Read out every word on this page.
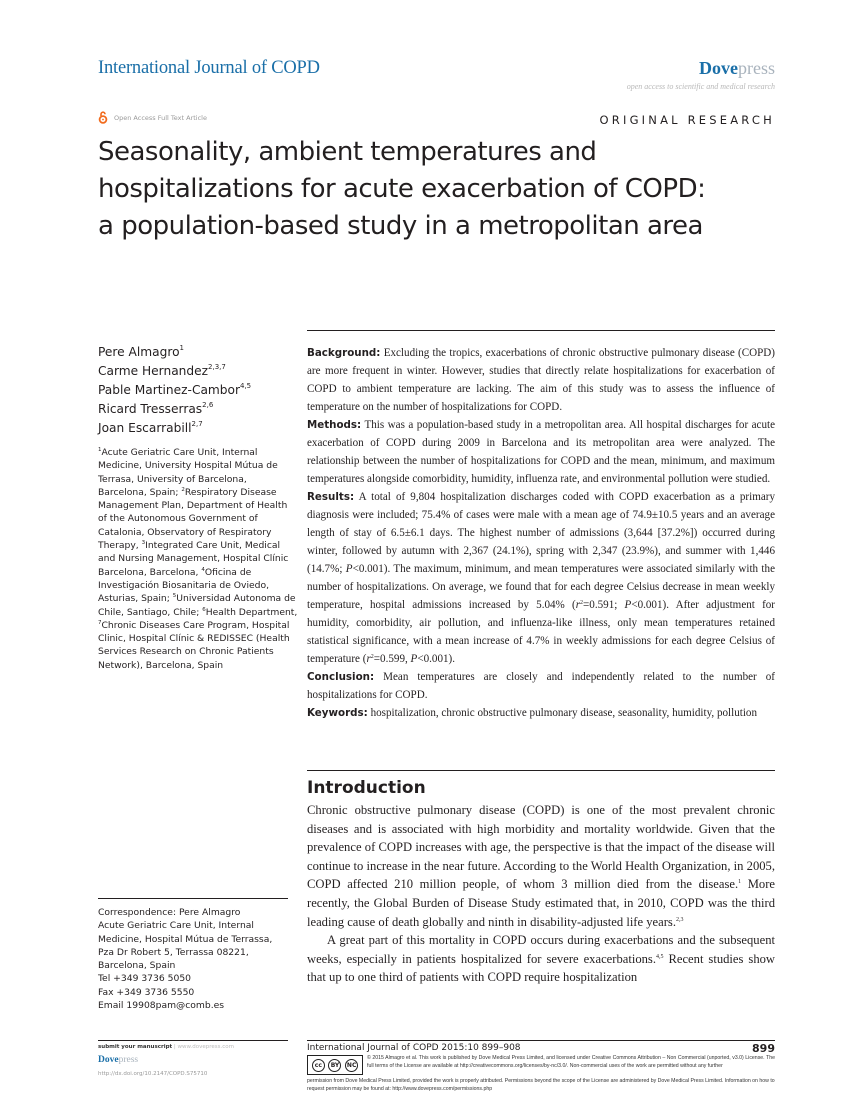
International Journal of COPD	Dovepress
open access to scientific and medical research
Open Access Full Text Article	ORIGINAL RESEARCH
Seasonality, ambient temperatures and
hospitalizations for acute exacerbation of COPD:
a population-based study in a metropolitan area
Pere Almagro$^1$
Carme Hernandez$^{2,3,7}$
Pable Martinez-Cambor$^{4,5}$
Ricard Tresserras$^{2,6}$
Joan Escarrabill$^{2,7}$
$^1$Acute Geriatric Care Unit, Internal Medicine, University Hospital Mútua de Terrasa, University of Barcelona, Barcelona, Spain; $^2$Respiratory Disease Management Plan, Department of Health of the Autonomous Government of Catalonia, Observatory of Respiratory Therapy, $^3$Integrated Care Unit, Medical and Nursing Management, Hospital Clínic Barcelona, Barcelona, $^4$Oficina de Investigación Biosanitaria de Oviedo, Asturias, Spain; $^5$Universidad Autonoma de Chile, Santiago, Chile; $^6$Health Department, $^7$Chronic Diseases Care Program, Hospital Clinic, Hospital Clínic & REDISSEC (Health Services Research on Chronic Patients Network), Barcelona, Spain
Correspondence: Pere Almagro
Acute Geriatric Care Unit, Internal
Medicine, Hospital Mútua de Terrassa,
Pza Dr Robert 5, Terrassa 08221,
Barcelona, Spain
Tel +349 3736 5050
Fax +349 3736 5550
Email 19908pam@comb.es

Background: Excluding the tropics, exacerbations of chronic obstructive pulmonary disease (COPD) are more frequent in winter. However, studies that directly relate hospitalizations for exacerbation of COPD to ambient temperature are lacking. The aim of this study was to assess the influence of temperature on the number of hospitalizations for COPD.

Methods: This was a population-based study in a metropolitan area. All hospital discharges for acute exacerbation of COPD during 2009 in Barcelona and its metropolitan area were analyzed. The relationship between the number of hospitalizations for COPD and the mean, minimum, and maximum temperatures alongside comorbidity, humidity, influenza rate, and environmental pollution were studied.

Results: A total of 9,804 hospitalization discharges coded with COPD exacerbation as a primary diagnosis were included; 75.4% of cases were male with a mean age of 74.9±10.5 years and an average length of stay of 6.5±6.1 days. The highest number of admissions (3,644 [37.2%]) occurred during winter, followed by autumn with 2,367 (24.1%), spring with 2,347 (23.9%), and summer with 1,446 (14.7%; P<0.001). The maximum, minimum, and mean temperatures were associated similarly with the number of hospitalizations. On average, we found that for each degree Celsius decrease in mean weekly temperature, hospital admissions increased by 5.04% ($r^2=0.591$; P<0.001). After adjustment for humidity, comorbidity, air pollution, and influenza-like illness, only mean temperatures retained statistical significance, with a mean increase of 4.7% in weekly admissions for each degree Celsius of temperature ($r^2=0.599$, P<0.001).

Conclusion: Mean temperatures are closely and independently related to the number of hospitalizations for COPD.

Keywords: hospitalization, chronic obstructive pulmonary disease, seasonality, humidity, pollution

Introduction

Chronic obstructive pulmonary disease (COPD) is one of the most prevalent chronic diseases and is associated with high morbidity and mortality worldwide. Given that the prevalence of COPD increases with age, the perspective is that the impact of the disease will continue to increase in the near future. According to the World Health Organization, in 2005, COPD affected 210 million people, of whom 3 million died from the disease.$^1$ More recently, the Global Burden of Disease Study estimated that, in 2010, COPD was the third leading cause of death globally and ninth in disability-adjusted life years.$^{2,3}$

A great part of this mortality in COPD occurs during exacerbations and the subsequent weeks, especially in patients hospitalized for severe exacerbations.$^{4,5}$ Recent studies show that up to one third of patients with COPD require hospitalization

submit your manuscript | www.dovepress.com
Dovepress
http://dx.doi.org/10.2147/COPD.S75710
International Journal of COPD 2015:10 899–908	899
cc	BY	NC
© 2015 Almagro et al. This work is published by Dove Medical Press Limited, and licensed under Creative Commons Attribution – Non Commercial (unported, v3.0) License. The full terms of the License are available at http://creativecommons.org/licenses/by-nc/3.0/. Non-commercial uses of the work are permitted without any further
permission from Dove Medical Press Limited, provided the work is properly attributed. Permissions beyond the scope of the License are administered by Dove Medical Press Limited. Information on how to request permission may be found at: http://www.dovepress.com/permissions.php
